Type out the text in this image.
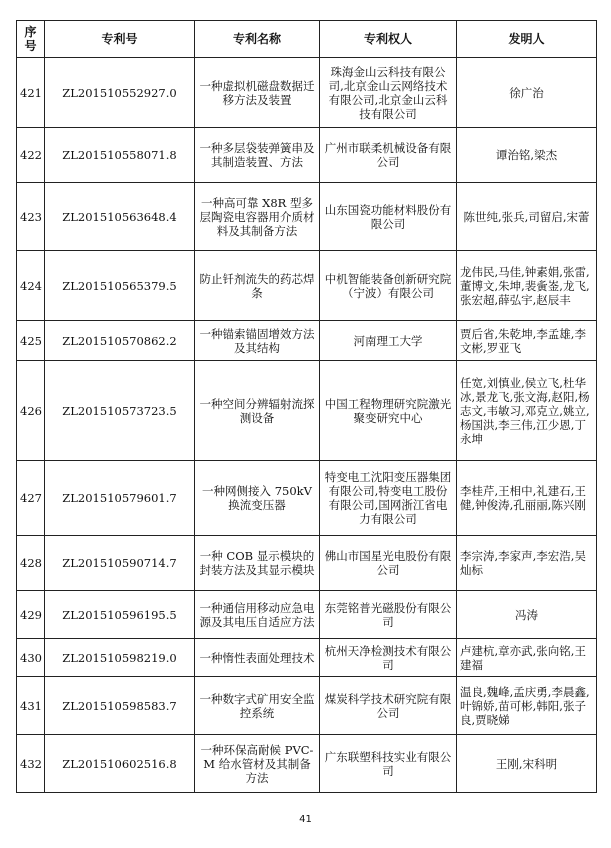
序
号	专利号	专利名称	专利权人	发明人
421	ZL201510552927.0	一种虚拟机磁盘数据迁移方法及装置	珠海金山云科技有限公司,北京金山云网络技术有限公司,北京金山云科技有限公司	徐广治
422	ZL201510558071.8	一种多层袋装弹簧串及其制造装置、方法	广州市联柔机械设备有限公司	谭治铭,梁杰
423	ZL201510563648.4	一种高可靠 X8R 型多层陶瓷电容器用介质材料及其制备方法	山东国瓷功能材料股份有限公司	陈世纯,张兵,司留启,宋蕾
424	ZL201510565379.5	防止钎剂流失的药芯焊条	中机智能装备创新研究院（宁波）有限公司	龙伟民,马佳,钟素娟,张雷,董博文,朱坤,裴夤崟,龙飞,张宏超,薛弘宇,赵辰丰
425	ZL201510570862.2	一种锚索锚固增效方法及其结构	河南理工大学	贾后省,朱乾坤,李孟雄,李文彬,罗亚飞
426	ZL201510573723.5	一种空间分辨辐射流探测设备	中国工程物理研究院激光聚变研究中心	任宽,刘慎业,侯立飞,杜华冰,景龙飞,张文海,赵阳,杨志文,韦敏习,邓克立,姚立,杨国洪,李三伟,江少恩,丁永坤
427	ZL201510579601.7	一种网侧接入 750kV 换流变压器	特变电工沈阳变压器集团有限公司,特变电工股份有限公司,国网浙江省电力有限公司	李桂芹,王相中,礼建石,王健,钟俊涛,孔丽丽,陈兴刚
428	ZL201510590714.7	一种 COB 显示模块的封装方法及其显示模块	佛山市国星光电股份有限公司	李宗涛,李家声,李宏浩,吴灿标
429	ZL201510596195.5	一种通信用移动应急电源及其电压自适应方法	东莞铭普光磁股份有限公司	冯涛
430	ZL201510598219.0	一种惰性表面处理技术	杭州天净检测技术有限公司	卢建杭,章亦武,张向铭,王建福
431	ZL201510598583.7	一种数字式矿用安全监控系统	煤炭科学技术研究院有限公司	温良,魏峰,孟庆勇,李晨鑫,叶锦娇,苗可彬,韩阳,张子良,贾晓娣
432	ZL201510602516.8	一种环保高耐候 PVC-M 给水管材及其制备方法	广东联塑科技实业有限公司	王刚,宋科明
41
